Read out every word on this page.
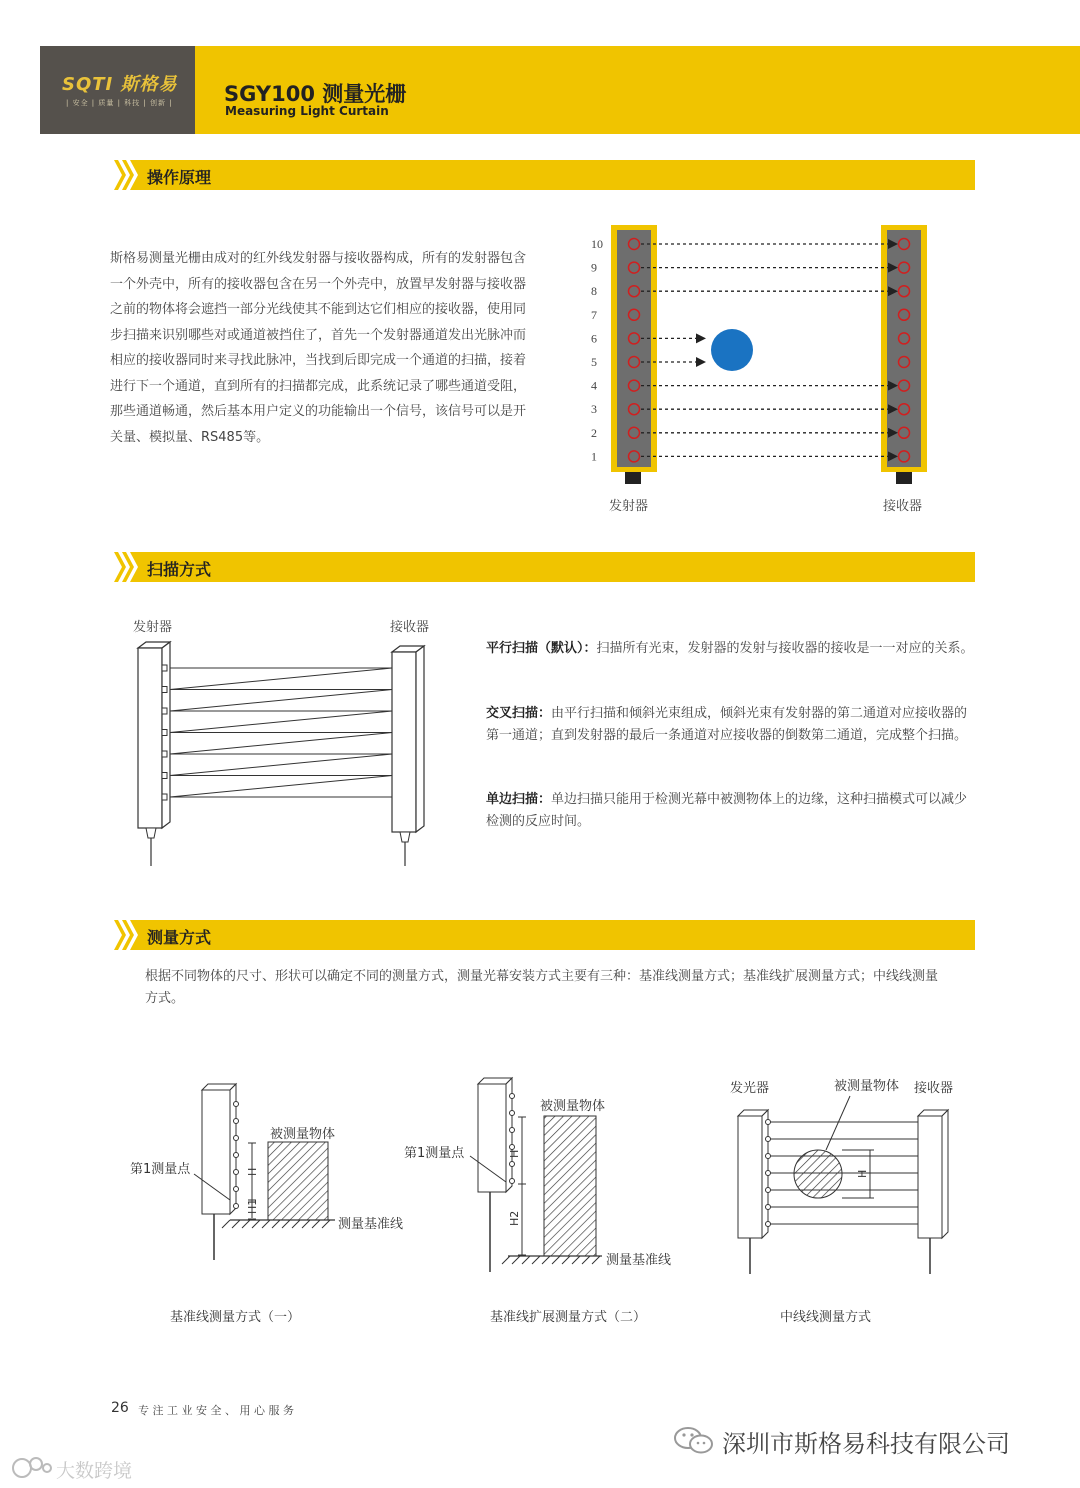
SQTI 斯格易
| 安全 | 质量 | 科技 | 创新 | SGY100 测量光栅
Measuring Light Curtain
操作原理
斯格易测量光栅由成对的红外线发射器与接收器构成，所有的发射器包含一个外壳中，所有的接收器包含在另一个外壳中，放置早发射器与接收器之前的物体将会遮挡一部分光线使其不能到达它们相应的接收器，使用同步扫描来识别哪些对或通道被挡住了，首先一个发射器通道发出光脉冲而相应的接收器同时来寻找此脉冲，当找到后即完成一个通道的扫描，接着进行下一个通道，直到所有的扫描都完成，此系统记录了哪些通道受阻，那些通道畅通，然后基本用户定义的功能输出一个信号，该信号可以是开关量、模拟量、RS485等。
10
9
8
7
6
5
4
3
2
1
发射器	接收器
扫描方式
发射器	接收器
平行扫描（默认）：扫描所有光束，发射器的发射与接收器的接收是一一对应的关系。
交叉扫描：由平行扫描和倾斜光束组成，倾斜光束有发射器的第二通道对应接收器的第一通道；直到发射器的最后一条通道对应接收器的倒数第二通道，完成整个扫描。
单边扫描：单边扫描只能用于检测光幕中被测物体上的边缘，这种扫描模式可以减少检测的反应时间。
测量方式
根据不同物体的尺寸、形状可以确定不同的测量方式，测量光幕安装方式主要有三种：基准线测量方式；基准线扩展测量方式；中线线测量方式。
H
H1
第1测量点
被测量物体
测量基准线
H
H2
第1测量点
被测量物体
测量基准线
H
发光器	被测量物体 接收器
基准线测量方式（一）	基准线扩展测量方式（二）	中线线测量方式
26 专 注 工 业 安 全 、 用 心 服 务
深圳市斯格易科技有限公司
大数跨境
